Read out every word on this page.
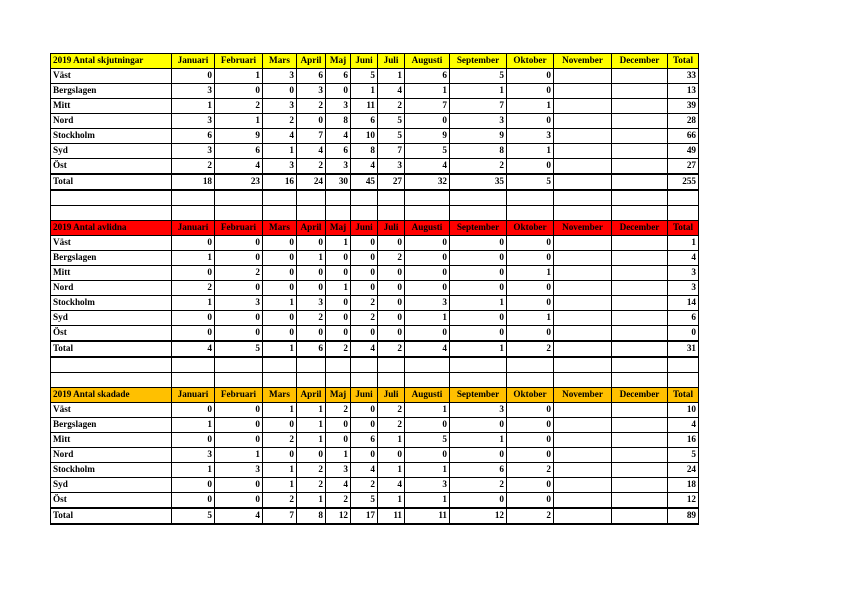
2019 Antal skjutningar	Januari	Februari	Mars	April	Maj	Juni	Juli	Augusti	September	Oktober	November	December	Total
Väst	0	1	3	6	6	5	1	6	5	0			33
Bergslagen	3	0	0	3	0	1	4	1	1	0			13
Mitt	1	2	3	2	3	11	2	7	7	1			39
Nord	3	1	2	0	8	6	5	0	3	0			28
Stockholm	6	9	4	7	4	10	5	9	9	3			66
Syd	3	6	1	4	6	8	7	5	8	1			49
Öst	2	4	3	2	3	4	3	4	2	0			27
Total	18	23	16	24	30	45	27	32	35	5			255

2019 Antal avlidna	Januari	Februari	Mars	April	Maj	Juni	Juli	Augusti	September	Oktober	November	December	Total
Väst	0	0	0	0	1	0	0	0	0	0			1
Bergslagen	1	0	0	1	0	0	2	0	0	0			4
Mitt	0	2	0	0	0	0	0	0	0	1			3
Nord	2	0	0	0	1	0	0	0	0	0			3
Stockholm	1	3	1	3	0	2	0	3	1	0			14
Syd	0	0	0	2	0	2	0	1	0	1			6
Öst	0	0	0	0	0	0	0	0	0	0			0
Total	4	5	1	6	2	4	2	4	1	2			31

2019 Antal skadade	Januari	Februari	Mars	April	Maj	Juni	Juli	Augusti	September	Oktober	November	December	Total
Väst	0	0	1	1	2	0	2	1	3	0			10
Bergslagen	1	0	0	1	0	0	2	0	0	0			4
Mitt	0	0	2	1	0	6	1	5	1	0			16
Nord	3	1	0	0	1	0	0	0	0	0			5
Stockholm	1	3	1	2	3	4	1	1	6	2			24
Syd	0	0	1	2	4	2	4	3	2	0			18
Öst	0	0	2	1	2	5	1	1	0	0			12
Total	5	4	7	8	12	17	11	11	12	2			89
